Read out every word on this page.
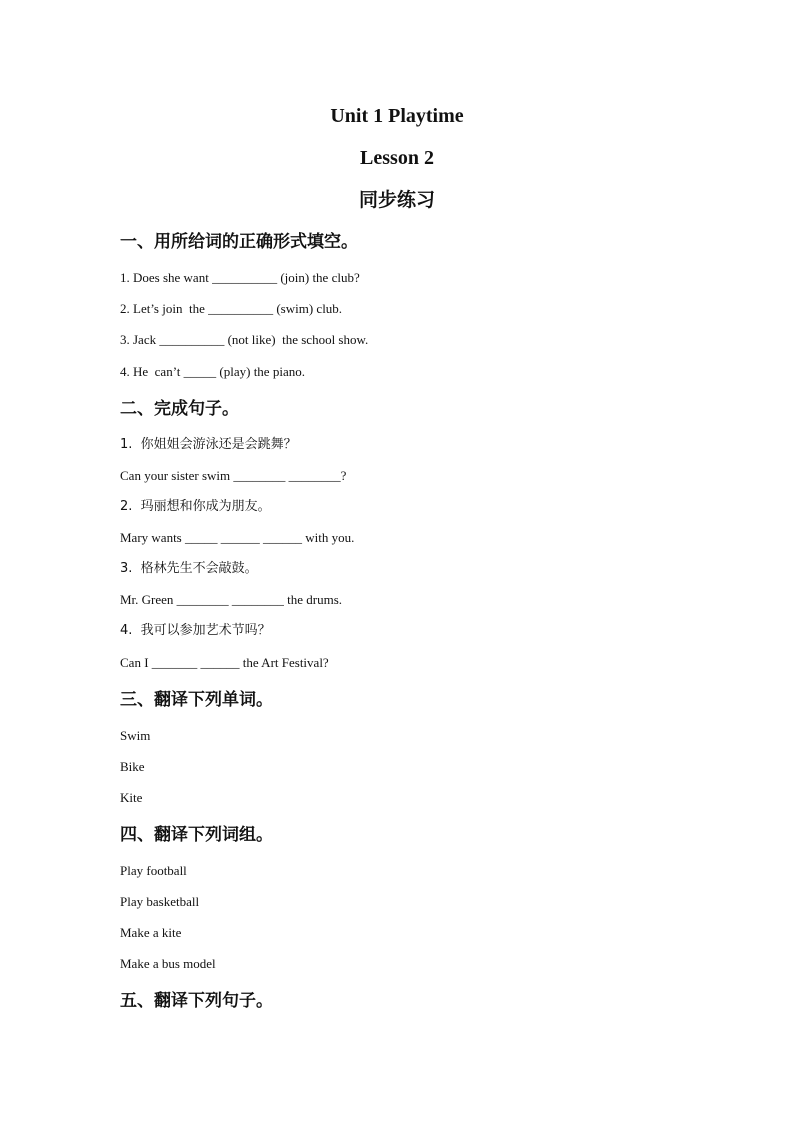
Unit 1 Playtime
Lesson 2
同步练习
一、用所给词的正确形式填空。
1. Does she want __________ (join) the club?
2. Let’s join  the __________ (swim) club.
3. Jack __________ (not like)  the school show.
4. He  can’t _____ (play) the piano.
二、完成句子。
1.  你姐姐会游泳还是会跳舞？
Can your sister swim ________ ________?
2.  玛丽想和你成为朋友。
Mary wants _____ ______ ______ with you.
3.  格林先生不会敲鼓。
Mr. Green ________ ________ the drums.
4.  我可以参加艺术节吗？
Can I _______ ______ the Art Festival?
三、翻译下列单词。
Swim
Bike
Kite
四、翻译下列词组。
Play football
Play basketball
Make a kite
Make a bus model
五、翻译下列句子。
